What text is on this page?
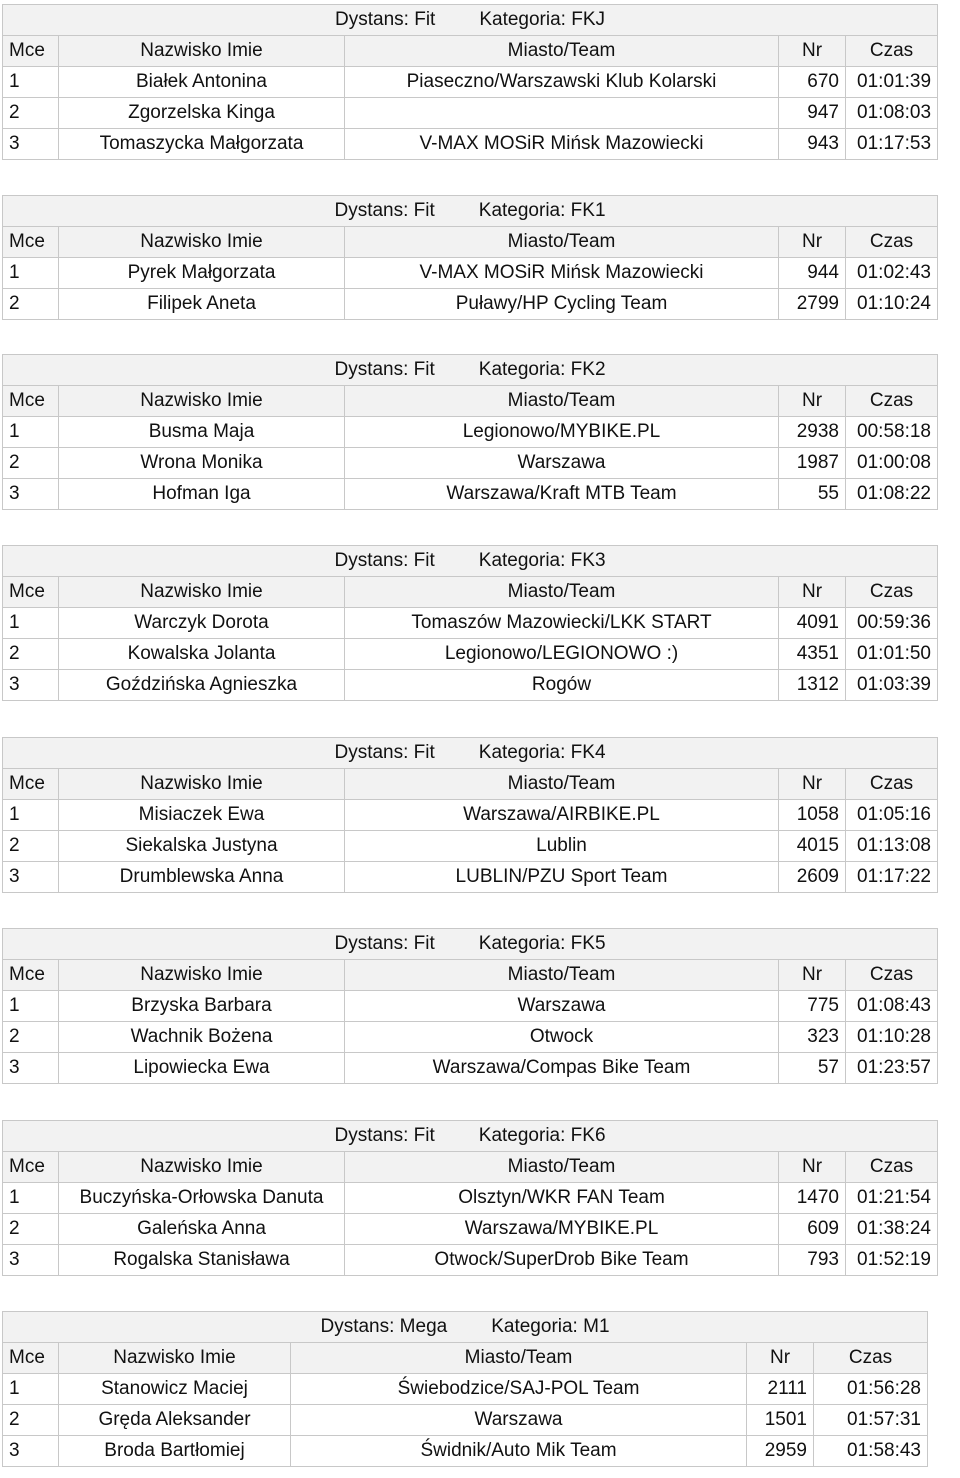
Dystans: Fit Kategoria: FKJ				
Mce	Nazwisko Imie	Miasto/Team	Nr	Czas
1	Białek Antonina	Piaseczno/Warszawski Klub Kolarski	670	01:01:39
2	Zgorzelska Kinga		947	01:08:03
3	Tomaszycka Małgorzata	V-MAX MOSiR Mińsk Mazowiecki	943	01:17:53
Dystans: Fit Kategoria: FK1				
Mce	Nazwisko Imie	Miasto/Team	Nr	Czas
1	Pyrek Małgorzata	V-MAX MOSiR Mińsk Mazowiecki	944	01:02:43
2	Filipek Aneta	Puławy/HP Cycling Team	2799	01:10:24
Dystans: Fit Kategoria: FK2				
Mce	Nazwisko Imie	Miasto/Team	Nr	Czas
1	Busma Maja	Legionowo/MYBIKE.PL	2938	00:58:18
2	Wrona Monika	Warszawa	1987	01:00:08
3	Hofman Iga	Warszawa/Kraft MTB Team	55	01:08:22
Dystans: Fit Kategoria: FK3				
Mce	Nazwisko Imie	Miasto/Team	Nr	Czas
1	Warczyk Dorota	Tomaszów Mazowiecki/LKK START	4091	00:59:36
2	Kowalska Jolanta	Legionowo/LEGIONOWO :)	4351	01:01:50
3	Goździńska Agnieszka	Rogów	1312	01:03:39
Dystans: Fit Kategoria: FK4				
Mce	Nazwisko Imie	Miasto/Team	Nr	Czas
1	Misiaczek Ewa	Warszawa/AIRBIKE.PL	1058	01:05:16
2	Siekalska Justyna	Lublin	4015	01:13:08
3	Drumblewska Anna	LUBLIN/PZU Sport Team	2609	01:17:22
Dystans: Fit Kategoria: FK5				
Mce	Nazwisko Imie	Miasto/Team	Nr	Czas
1	Brzyska Barbara	Warszawa	775	01:08:43
2	Wachnik Bożena	Otwock	323	01:10:28
3	Lipowiecka Ewa	Warszawa/Compas Bike Team	57	01:23:57
Dystans: Fit Kategoria: FK6				
Mce	Nazwisko Imie	Miasto/Team	Nr	Czas
1	Buczyńska-Orłowska Danuta	Olsztyn/WKR FAN Team	1470	01:21:54
2	Galeńska Anna	Warszawa/MYBIKE.PL	609	01:38:24
3	Rogalska Stanisława	Otwock/SuperDrob Bike Team	793	01:52:19
Dystans: Mega Kategoria: M1				
Mce	Nazwisko Imie	Miasto/Team	Nr	Czas
1	Stanowicz Maciej	Świebodzice/SAJ-POL Team	2111	01:56:28
2	Gręda Aleksander	Warszawa	1501	01:57:31
3	Broda Bartłomiej	Świdnik/Auto Mik Team	2959	01:58:43
